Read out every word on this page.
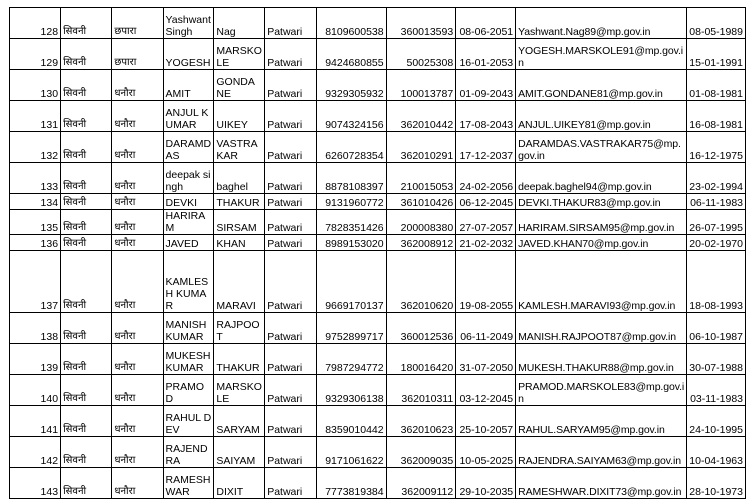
128	सिवनी	छपारा	Yashwant Singh	Nag	Patwari	8109600538	360013593	08-06-2051	Yashwant.Nag89@mp.gov.in	08-05-1989
129	सिवनी	छपारा	YOGESH	MARSKOLE	Patwari	9424680855	50025308	16-01-2053	YOGESH.MARSKOLE91@mp.gov.in	15-01-1991
130	सिवनी	धनौरा	AMIT	GONDANE	Patwari	9329305932	100013787	01-09-2043	AMIT.GONDANE81@mp.gov.in	01-08-1981
131	सिवनी	धनौरा	ANJUL KUMAR	UIKEY	Patwari	9074324156	362010442	17-08-2043	ANJUL.UIKEY81@mp.gov.in	16-08-1981
132	सिवनी	धनौरा	DARAMDAS	VASTRAKAR	Patwari	6260728354	362010291	17-12-2037	DARAMDAS.VASTRAKAR75@mp.gov.in	16-12-1975
133	सिवनी	धनौरा	deepak singh	baghel	Patwari	8878108397	210015053	24-02-2056	deepak.baghel94@mp.gov.in	23-02-1994
134	सिवनी	धनौरा	DEVKI	THAKUR	Patwari	9131960772	361010426	06-12-2045	DEVKI.THAKUR83@mp.gov.in	06-11-1983
135	सिवनी	धनौरा	HARIRAM	SIRSAM	Patwari	7828351426	200008380	27-07-2057	HARIRAM.SIRSAM95@mp.gov.in	26-07-1995
136	सिवनी	धनौरा	JAVED	KHAN	Patwari	8989153020	362008912	21-02-2032	JAVED.KHAN70@mp.gov.in	20-02-1970
137	सिवनी	धनौरा	KAMLESH KUMAR	MARAVI	Patwari	9669170137	362010620	19-08-2055	KAMLESH.MARAVI93@mp.gov.in	18-08-1993
138	सिवनी	धनौरा	MANISH KUMAR	RAJPOOT	Patwari	9752899717	360012536	06-11-2049	MANISH.RAJPOOT87@mp.gov.in	06-10-1987
139	सिवनी	धनौरा	MUKESH KUMAR	THAKUR	Patwari	7987294772	180016420	31-07-2050	MUKESH.THAKUR88@mp.gov.in	30-07-1988
140	सिवनी	धनौरा	PRAMOD	MARSKOLE	Patwari	9329306138	362010311	03-12-2045	PRAMOD.MARSKOLE83@mp.gov.in	03-11-1983
141	सिवनी	धनौरा	RAHUL DEV	SARYAM	Patwari	8359010442	362010623	25-10-2057	RAHUL.SARYAM95@mp.gov.in	24-10-1995
142	सिवनी	धनौरा	RAJENDRA	SAIYAM	Patwari	9171061622	362009035	10-05-2025	RAJENDRA.SAIYAM63@mp.gov.in	10-04-1963
143	सिवनी	धनौरा	RAMESHWAR	DIXIT	Patwari	7773819384	362009112	29-10-2035	RAMESHWAR.DIXIT73@mp.gov.in	28-10-1973
